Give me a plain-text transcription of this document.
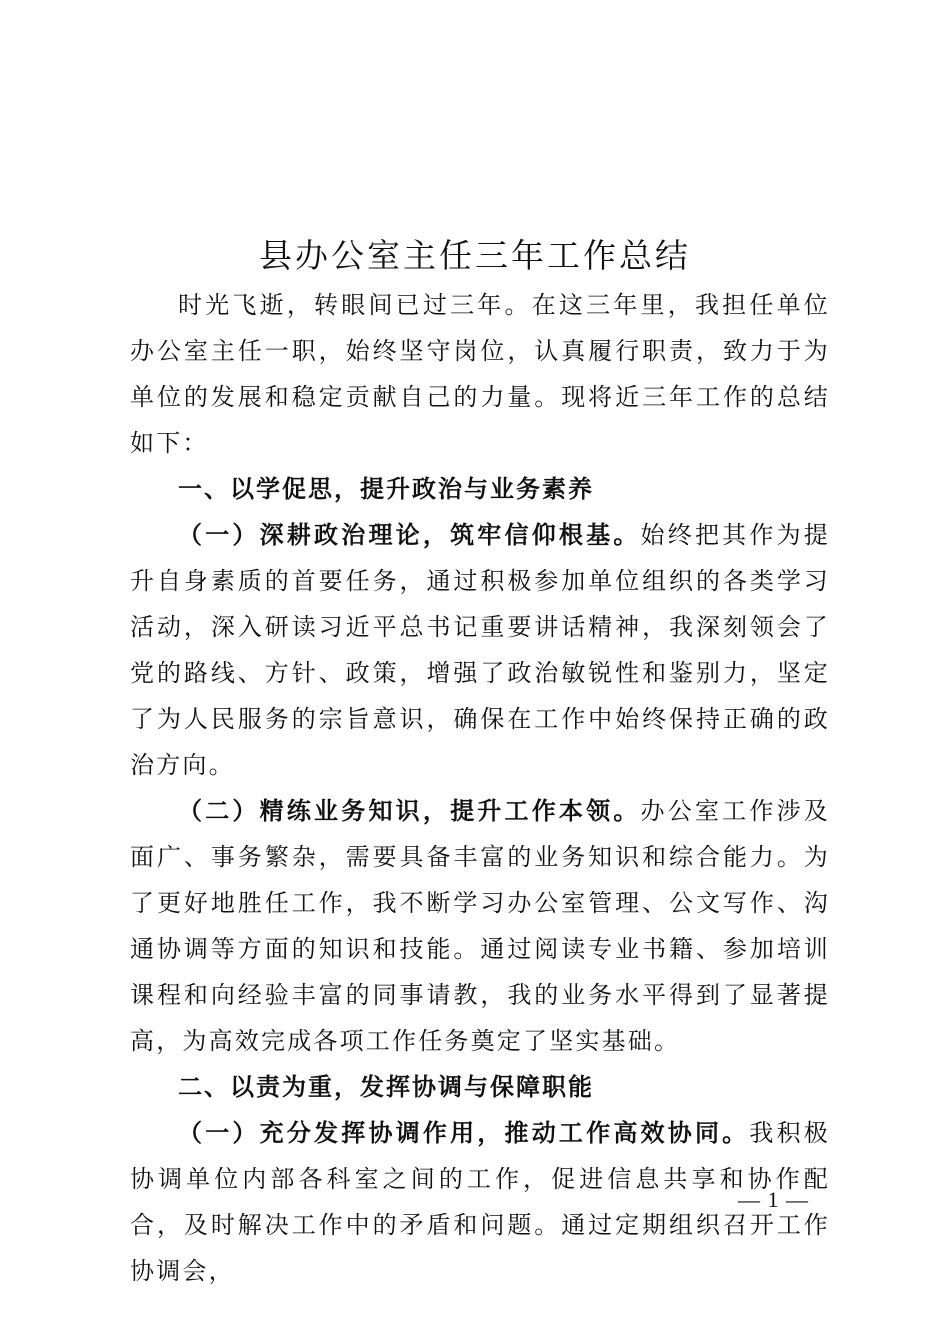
县办公室主任三年工作总结

时光飞逝，转眼间已过三年。在这三年里，我担任单位办公室主任一职，始终坚守岗位，认真履行职责，致力于为单位的发展和稳定贡献自己的力量。现将近三年工作的总结如下：

一、以学促思，提升政治与业务素养

（一）深耕政治理论，筑牢信仰根基。始终把其作为提升自身素质的首要任务，通过积极参加单位组织的各类学习活动，深入研读习近平总书记重要讲话精神，我深刻领会了党的路线、方针、政策，增强了政治敏锐性和鉴别力，坚定了为人民服务的宗旨意识，确保在工作中始终保持正确的政治方向。

（二）精练业务知识，提升工作本领。办公室工作涉及面广、事务繁杂，需要具备丰富的业务知识和综合能力。为了更好地胜任工作，我不断学习办公室管理、公文写作、沟通协调等方面的知识和技能。通过阅读专业书籍、参加培训课程和向经验丰富的同事请教，我的业务水平得到了显著提高，为高效完成各项工作任务奠定了坚实基础。

二、以责为重，发挥协调与保障职能

（一）充分发挥协调作用，推动工作高效协同。我积极协调单位内部各科室之间的工作，促进信息共享和协作配合，及时解决工作中的矛盾和问题。通过定期组织召开工作协调会，

— 1 —
